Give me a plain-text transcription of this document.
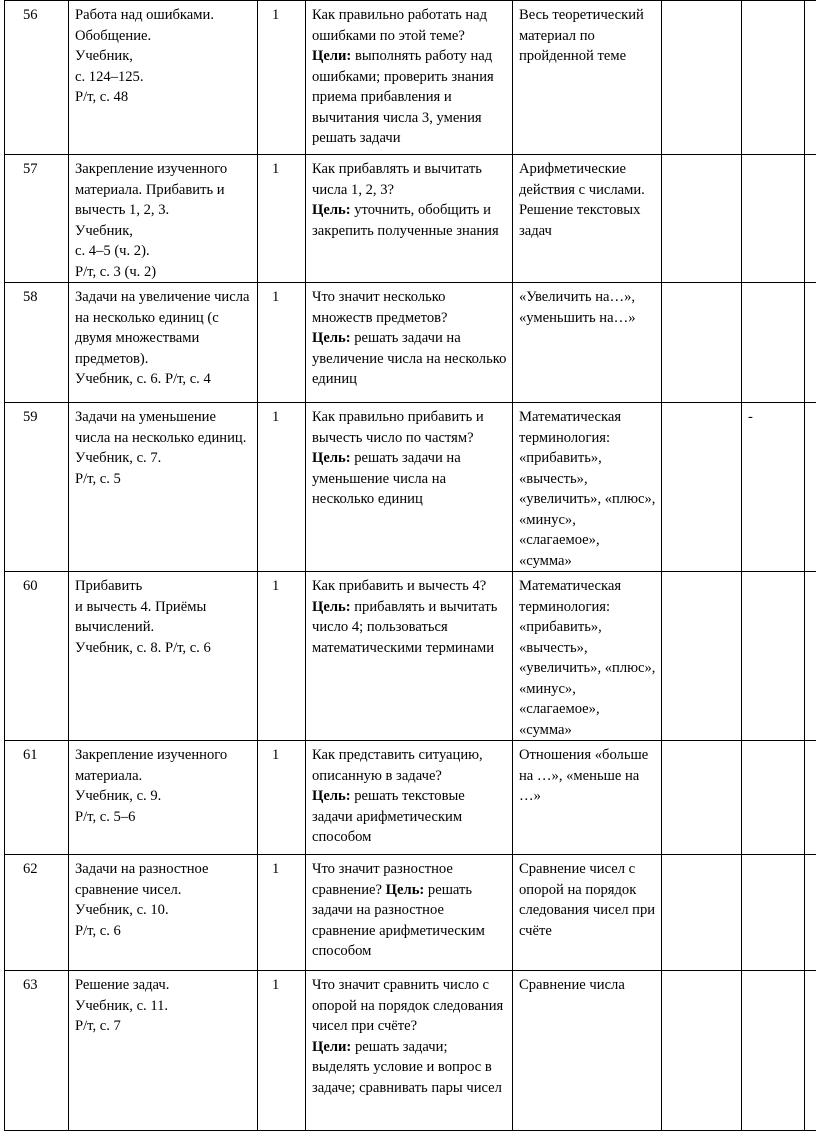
56	Работа над ошибками.
Обобщение.
Учебник,
с. 124–125.
Р/т, с. 48	1	Как правильно работать над ошибками по этой теме?
Цели: выполнять работу над ошибками; проверить знания приема прибавления и вычитания числа 3, умения решать задачи	Весь теоретический материал по пройденной теме			
57	Закрепление изученного материала. Прибавить и вычесть 1, 2, 3.
Учебник,
с. 4–5 (ч. 2).
Р/т, с. 3 (ч. 2)	1	Как прибавлять и вычитать числа 1, 2, 3?
Цель: уточнить, обобщить и закрепить полученные знания	Арифметические действия с числами. Решение текстовых задач			
58	Задачи на увеличение числа на несколько единиц (с двумя множествами предметов).
Учебник, с. 6. Р/т, с. 4	1	Что значит несколько множеств предметов?
Цель: решать задачи на увеличение числа на несколько единиц	«Увеличить на…», «уменьшить на…»			
59	Задачи на уменьшение числа на несколько единиц.
Учебник, с. 7.
Р/т, с. 5	1	Как правильно прибавить и вычесть число по частям?
Цель: решать задачи на уменьшение числа на несколько единиц	Математическая терминология: «прибавить», «вычесть», «увеличить», «плюс», «минус», «слагаемое», «сумма»		-	
60	Прибавить
и вычесть 4. Приёмы вычислений.
Учебник, с. 8. Р/т, с. 6	1	Как прибавить и вычесть 4?
Цель: прибавлять и вычитать число 4; пользоваться математическими терминами	Математическая терминология: «прибавить», «вычесть», «увеличить», «плюс», «минус», «слагаемое», «сумма»			
61	Закрепление изученного материала.
Учебник, с. 9.
Р/т, с. 5–6	1	Как представить ситуацию, описанную в задаче?
Цель: решать текстовые задачи арифметическим способом	Отношения «больше на …», «меньше на …»			
62	Задачи на разностное сравнение чисел.
Учебник, с. 10.
Р/т, с. 6	1	Что значит разностное сравнение? Цель: решать задачи на разностное сравнение арифметическим способом	Сравнение чисел с опорой на порядок следования чисел при счёте			
63	Решение задач.
Учебник, с. 11.
Р/т, с. 7	1	Что значит сравнить число с опорой на порядок следования чисел при счёте?
Цели: решать задачи; выделять условие и вопрос в задаче; сравнивать пары чисел	Сравнение числа			
